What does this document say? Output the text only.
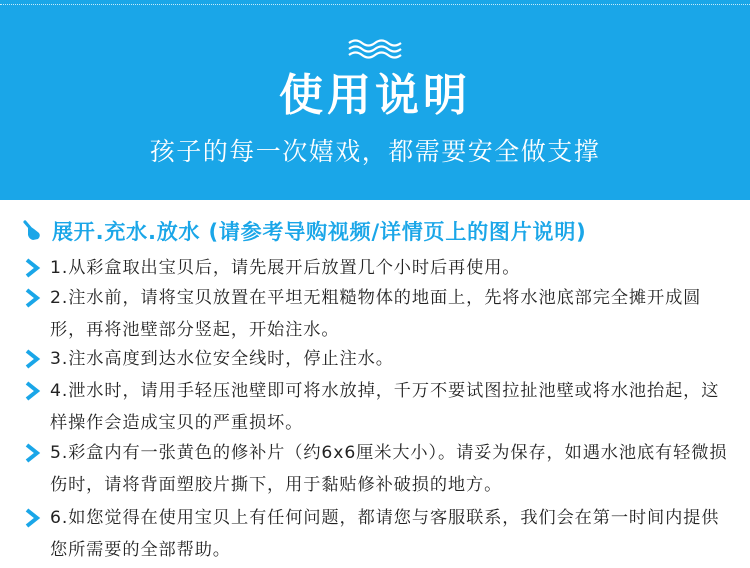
使用说明
孩子的每一次嬉戏，都需要安全做支撑
展开.充水.放水 (请参考导购视频/详情页上的图片说明)
1.从彩盒取出宝贝后，请先展开后放置几个小时后再使用。
2.注水前，请将宝贝放置在平坦无粗糙物体的地面上，先将水池底部完全摊开成圆形，再将池壁部分竖起，开始注水。
3.注水高度到达水位安全线时，停止注水。
4.泄水时，请用手轻压池壁即可将水放掉，千万不要试图拉扯池壁或将水池抬起，这样操作会造成宝贝的严重损坏。
5.彩盒内有一张黄色的修补片（约6x6厘米大小）。请妥为保存，如遇水池底有轻微损伤时，请将背面塑胶片撕下，用于黏贴修补破损的地方。
6.如您觉得在使用宝贝上有任何问题，都请您与客服联系，我们会在第一时间内提供您所需要的全部帮助。
